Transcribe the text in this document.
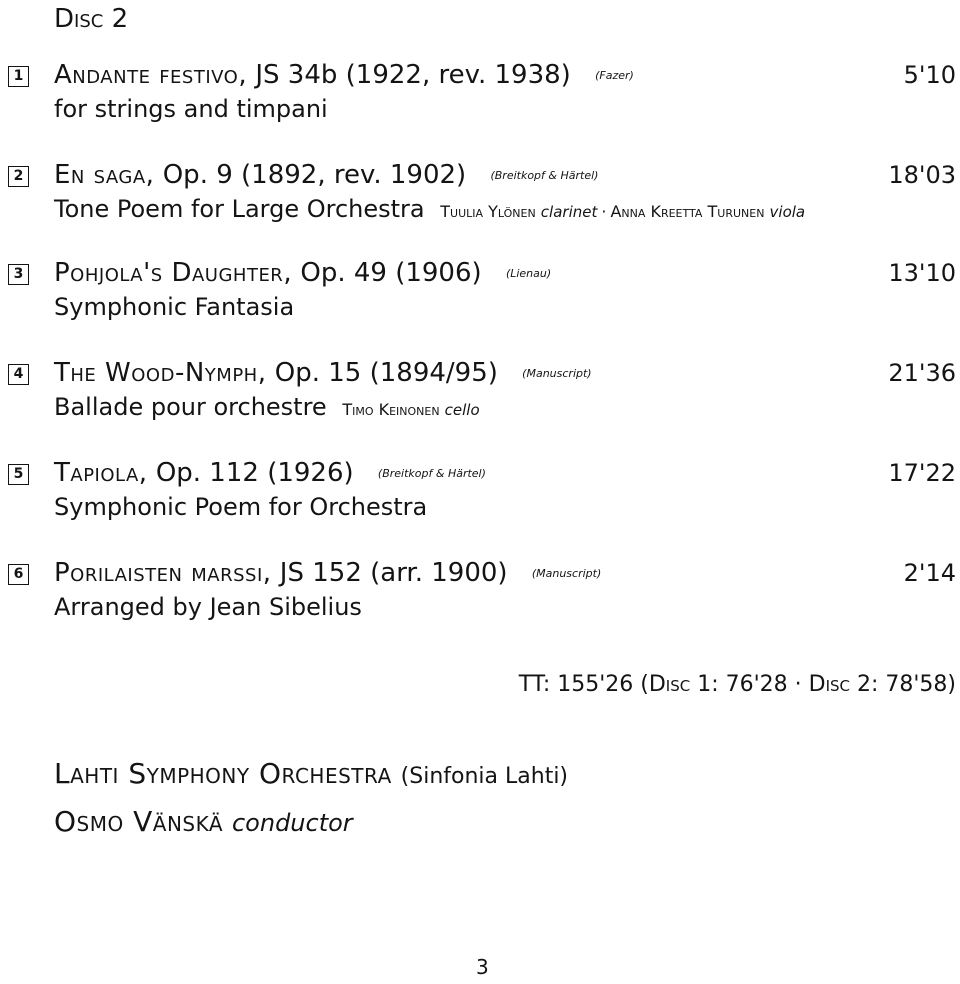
Disc 2
1 Andante festivo, JS 34b (1922, rev. 1938) (Fazer)	5'10
for strings and timpani
2 En saga, Op. 9 (1892, rev. 1902) (Breitkopf & Härtel)	18'03
Tone Poem for Large Orchestra Tuulia Ylönen clarinet · Anna Kreetta Turunen viola
3 Pohjola's Daughter, Op. 49 (1906) (Lienau)	13'10
Symphonic Fantasia
4 The Wood-Nymph, Op. 15 (1894/95) (Manuscript)	21'36
Ballade pour orchestre Timo Keinonen cello
5 Tapiola, Op. 112 (1926) (Breitkopf & Härtel)	17'22
Symphonic Poem for Orchestra
6 Porilaisten marssi, JS 152 (arr. 1900) (Manuscript)	2'14
Arranged by Jean Sibelius
TT: 155'26 (Disc 1: 76'28 · Disc 2: 78'58)
Lahti Symphony Orchestra (Sinfonia Lahti)
Osmo Vänskä conductor
3
